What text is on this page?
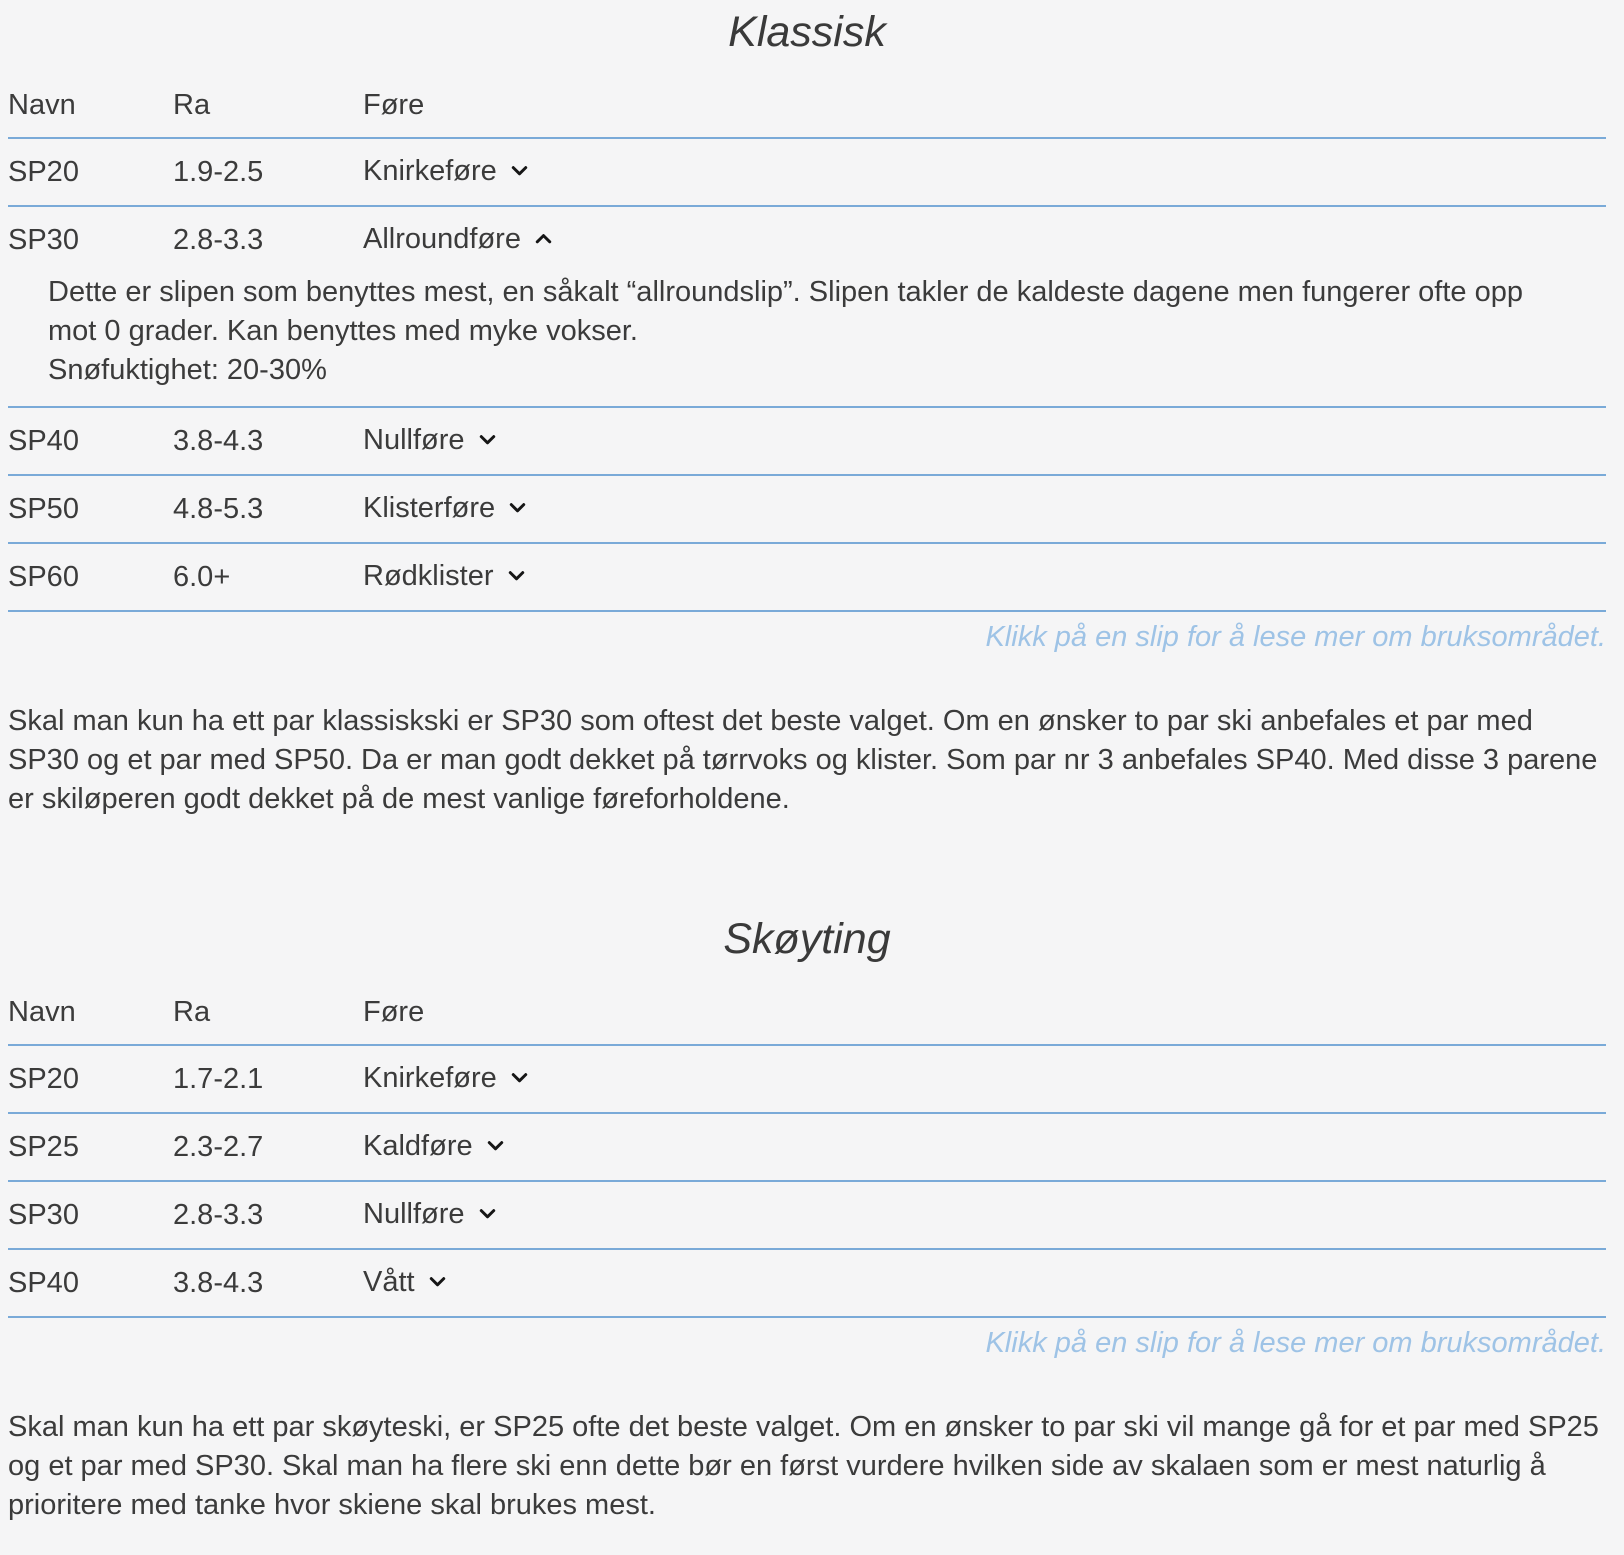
Klassisk
Navn	Ra	Føre
SP20	1.9-2.5	Knirkeføre
SP30	2.8-3.3	Allroundføre
Dette er slipen som benyttes mest, en såkalt “allroundslip”. Slipen takler de kaldeste dagene men fungerer ofte opp mot 0 grader. Kan benyttes med myke vokser.
Snøfuktighet: 20-30%		

SP40	3.8-4.3	Nullføre
SP50	4.8-5.3	Klisterføre
SP60	6.0+	Rødklister

Klikk på en slip for å lese mer om bruksområdet.

Skal man kun ha ett par klassiskski er SP30 som oftest det beste valget. Om en ønsker to par ski anbefales et par med SP30 og et par med SP50. Da er man godt dekket på tørrvoks og klister. Som par nr 3 anbefales SP40. Med disse 3 parene er skiløperen godt dekket på de mest vanlige føreforholdene.

Skøyting
Navn	Ra	Føre
SP20	1.7-2.1	Knirkeføre
SP25	2.3-2.7	Kaldføre
SP30	2.8-3.3	Nullføre
SP40	3.8-4.3	Vått

Klikk på en slip for å lese mer om bruksområdet.

Skal man kun ha ett par skøyteski, er SP25 ofte det beste valget. Om en ønsker to par ski vil mange gå for et par med SP25 og et par med SP30. Skal man ha flere ski enn dette bør en først vurdere hvilken side av skalaen som er mest naturlig å prioritere med tanke hvor skiene skal brukes mest.
